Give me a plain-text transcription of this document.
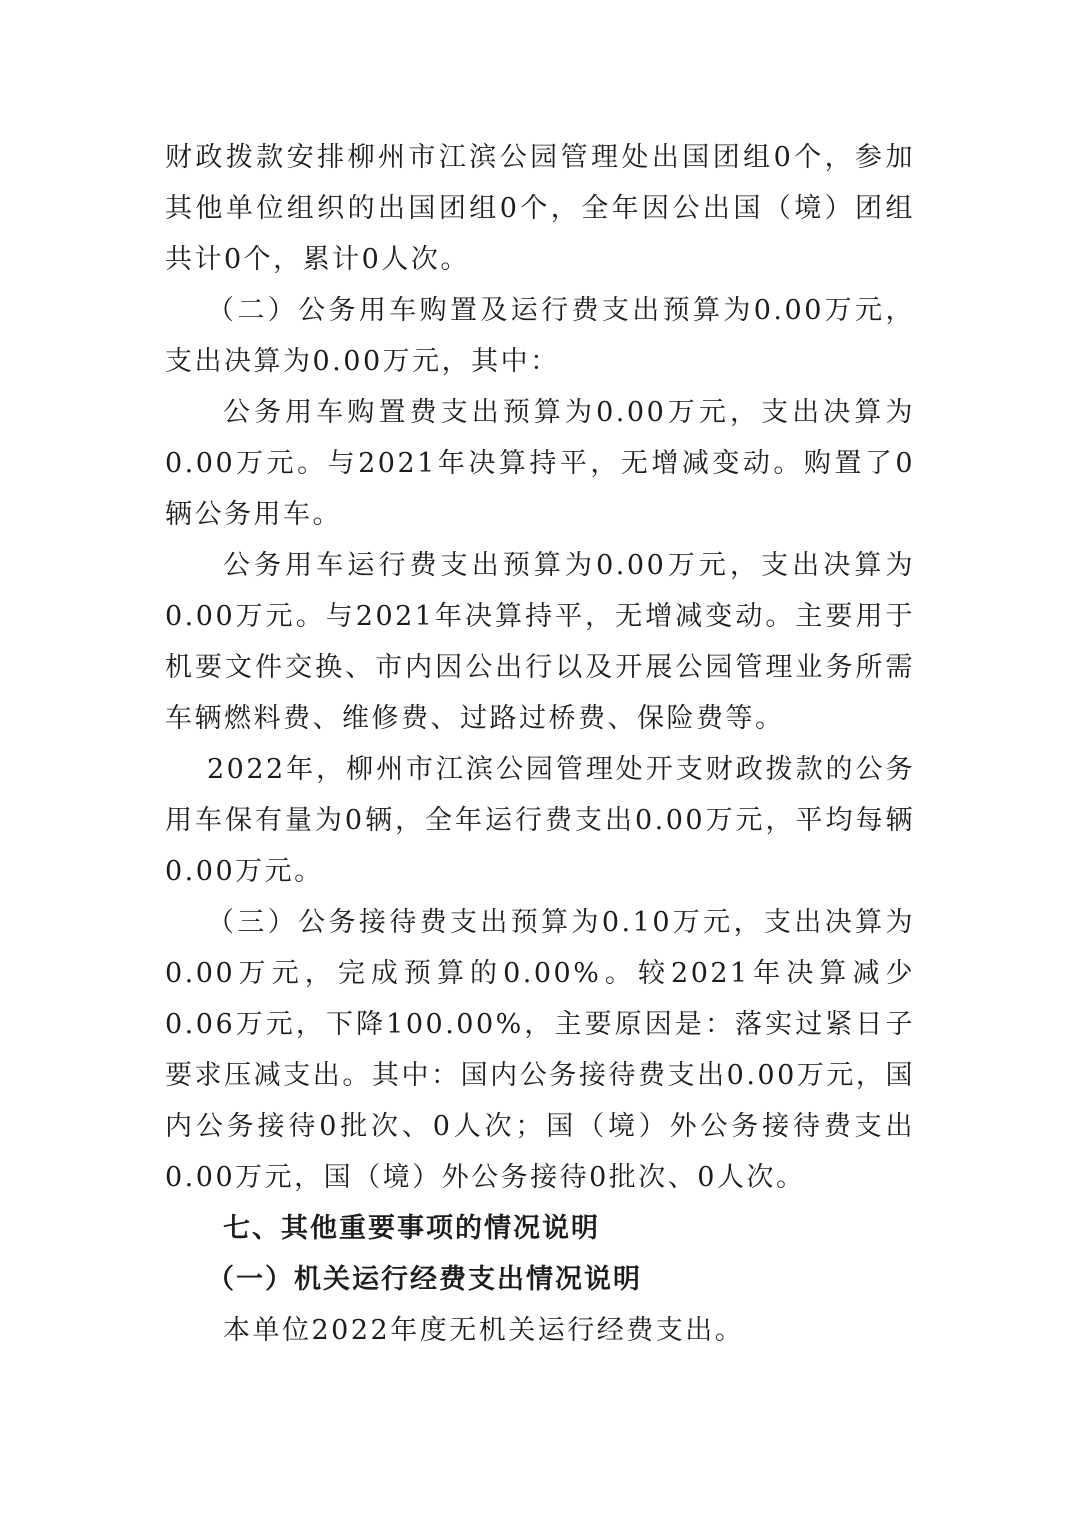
财政拨款安排柳州市江滨公园管理处出国团组0个，参加其他单位组织的出国团组0个，全年因公出国（境）团组共计0个，累计0人次。

（二）公务用车购置及运行费支出预算为0.00万元，支出决算为0.00万元，其中：

公务用车购置费支出预算为0.00万元，支出决算为0.00万元。与2021年决算持平，无增减变动。购置了0辆公务用车。

公务用车运行费支出预算为0.00万元，支出决算为0.00万元。与2021年决算持平，无增减变动。主要用于机要文件交换、市内因公出行以及开展公园管理业务所需车辆燃料费、维修费、过路过桥费、保险费等。

2022年，柳州市江滨公园管理处开支财政拨款的公务用车保有量为0辆，全年运行费支出0.00万元，平均每辆0.00万元。

（三）公务接待费支出预算为0.10万元，支出决算为0.00万元，完成预算的0.00%。较2021年决算减少0.06万元，下降100.00%，主要原因是：落实过紧日子要求压减支出。其中：国内公务接待费支出0.00万元，国内公务接待0批次、0人次；国（境）外公务接待费支出0.00万元，国（境）外公务接待0批次、0人次。

七、其他重要事项的情况说明

（一）机关运行经费支出情况说明

本单位2022年度无机关运行经费支出。
